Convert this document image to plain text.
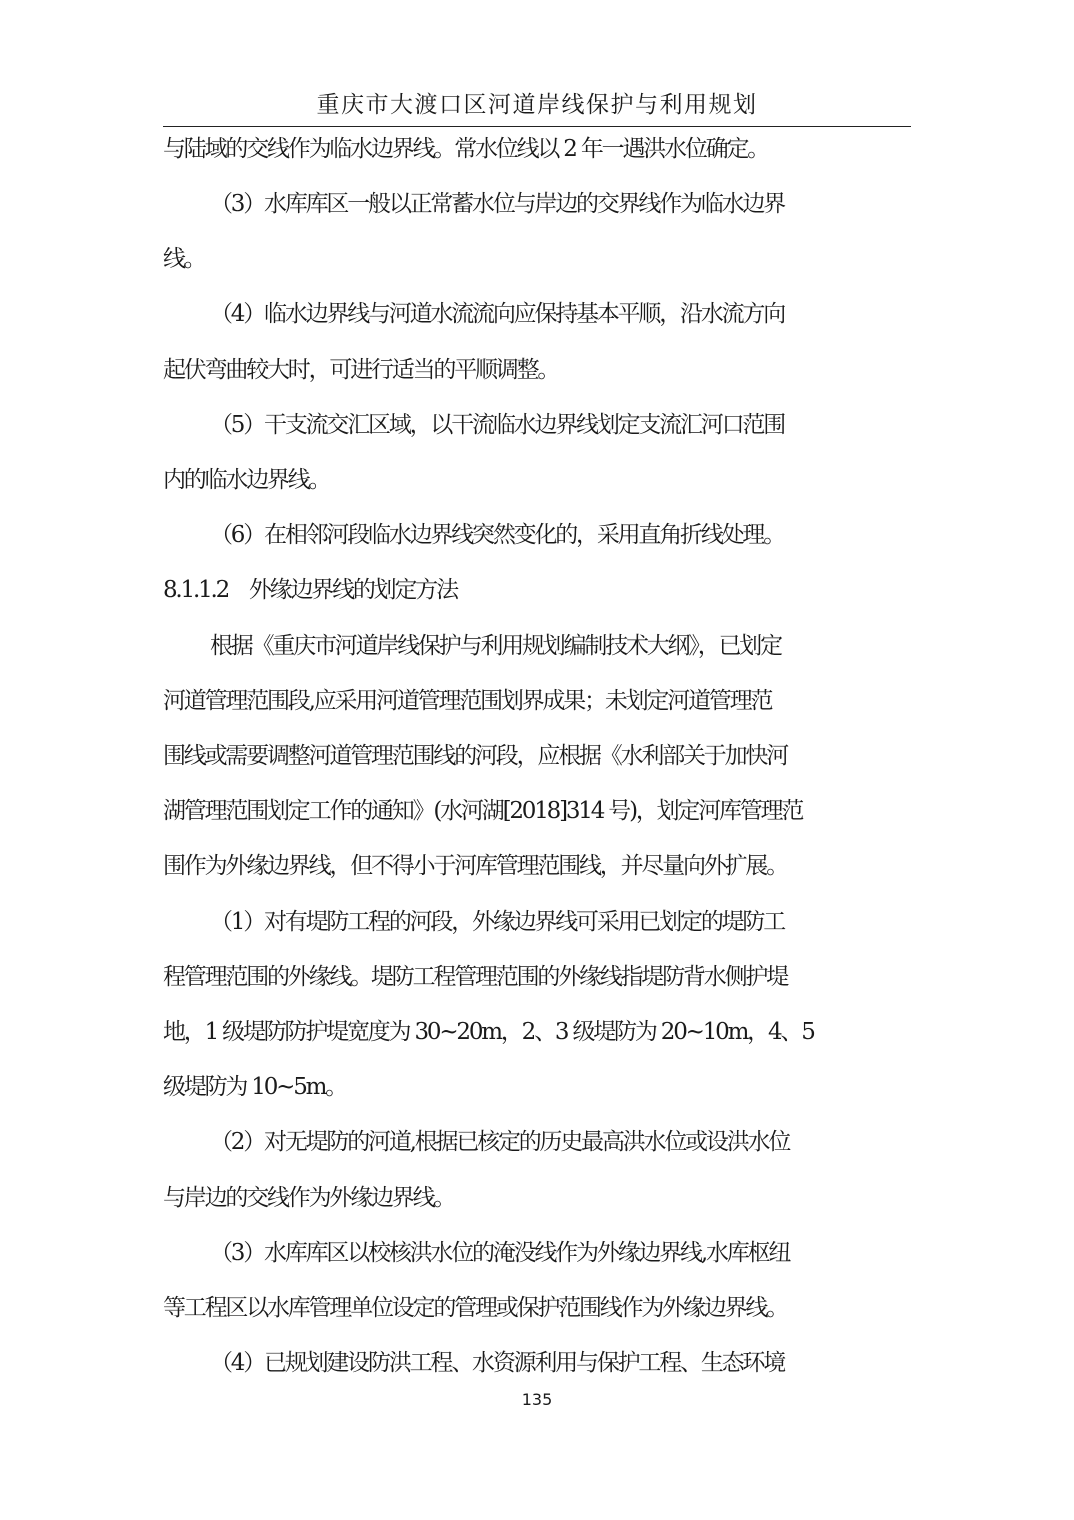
重庆市大渡口区河道岸线保护与利用规划
与陆域的交线作为临水边界线。常水位线以 2 年一遇洪水位确定。
（3）水库库区一般以正常蓄水位与岸边的交界线作为临水边界
线。
（4）临水边界线与河道水流流向应保持基本平顺，沿水流方向
起伏弯曲较大时，可进行适当的平顺调整。
（5）干支流交汇区域，以干流临水边界线划定支流汇河口范围
内的临水边界线。
（6）在相邻河段临水边界线突然变化的，采用直角折线处理。
8.1.1.2　外缘边界线的划定方法
根据《重庆市河道岸线保护与利用规划编制技术大纲》，已划定
河道管理范围段,应采用河道管理范围划界成果；未划定河道管理范
围线或需要调整河道管理范围线的河段，应根据《水利部关于加快河
湖管理范围划定工作的通知》(水河湖[2018]314 号)，划定河库管理范
围作为外缘边界线，但不得小于河库管理范围线，并尽量向外扩展。
（1）对有堤防工程的河段，外缘边界线可采用已划定的堤防工
程管理范围的外缘线。堤防工程管理范围的外缘线指堤防背水侧护堤
地，1 级堤防防护堤宽度为 30~20m，2、3 级堤防为 20~10m，4、5
级堤防为 10~5m。
（2）对无堤防的河道,根据已核定的历史最高洪水位或设洪水位
与岸边的交线作为外缘边界线。
（3）水库库区以校核洪水位的淹没线作为外缘边界线,水库枢纽
等工程区以水库管理单位设定的管理或保护范围线作为外缘边界线。
（4）已规划建设防洪工程、水资源利用与保护工程、生态环境
135
